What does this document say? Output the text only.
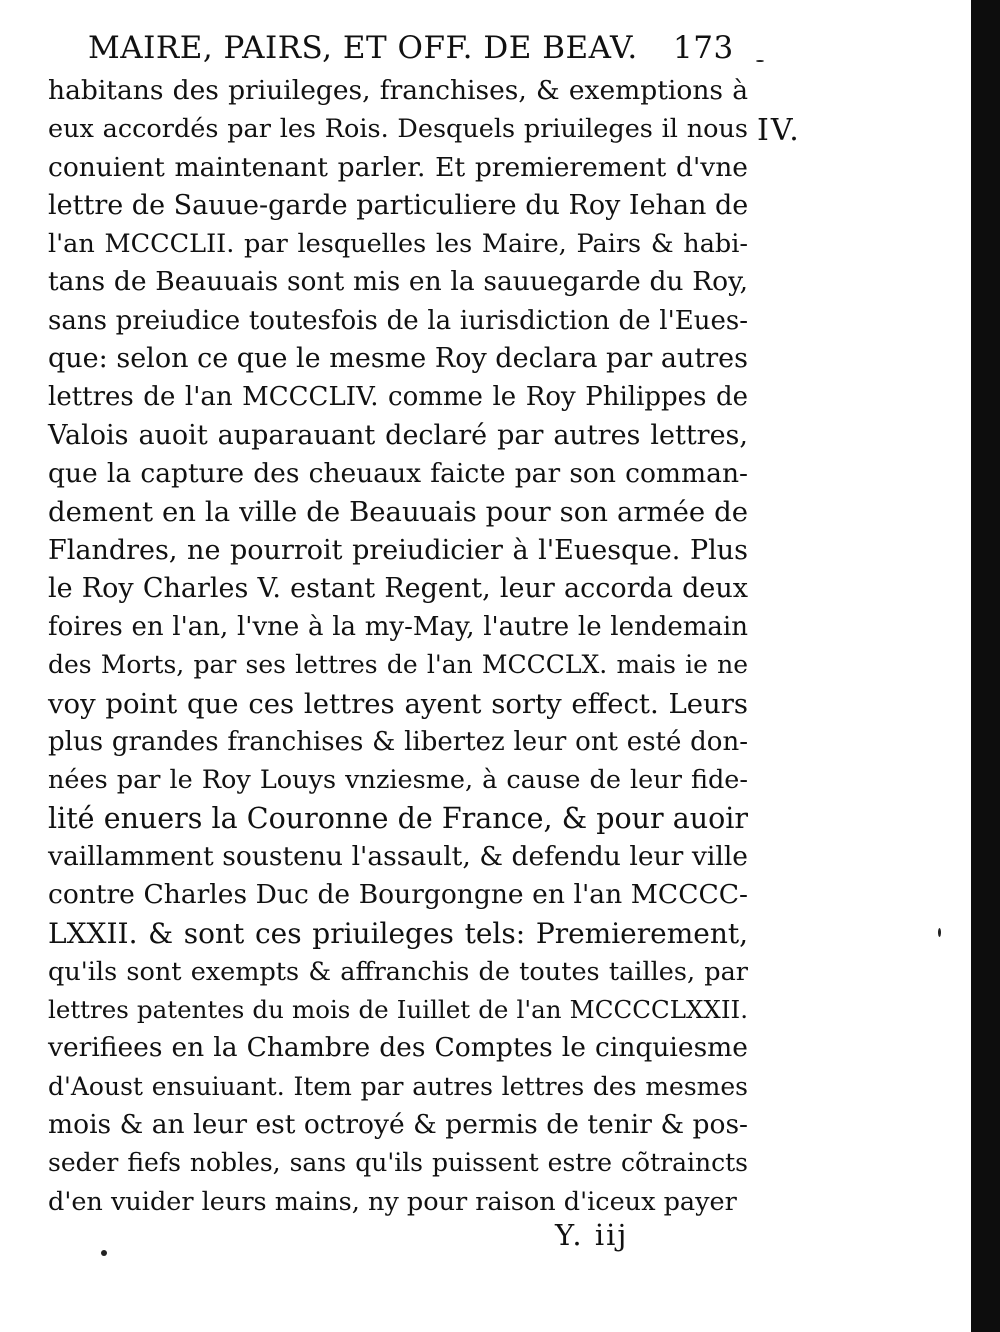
MAIRE, PAIRS, ET OFF. DE BEAV. 173
IV.
habitans des priuileges, franchises, & exemptions à
eux accordés par les Rois. Desquels priuileges il nous
conuient maintenant parler. Et premierement d'vne
lettre de Sauue-garde particuliere du Roy Iehan de
l'an MCCCLII. par lesquelles les Maire, Pairs & habi-
tans de Beauuais sont mis en la sauuegarde du Roy,
sans preiudice toutesfois de la iurisdiction de l'Eues-
que: selon ce que le mesme Roy declara par autres
lettres de l'an MCCCLIV. comme le Roy Philippes de
Valois auoit auparauant declaré par autres lettres,
que la capture des cheuaux faicte par son comman-
dement en la ville de Beauuais pour son armée de
Flandres, ne pourroit preiudicier à l'Euesque. Plus
le Roy Charles V. estant Regent, leur accorda deux
foires en l'an, l'vne à la my-May, l'autre le lendemain
des Morts, par ses lettres de l'an MCCCLX. mais ie ne
voy point que ces lettres ayent sorty effect. Leurs
plus grandes franchises & libertez leur ont esté don-
nées par le Roy Louys vnziesme, à cause de leur fide-
lité enuers la Couronne de France, & pour auoir
vaillamment soustenu l'assault, & defendu leur ville
contre Charles Duc de Bourgongne en l'an MCCCC-
LXXII. & sont ces priuileges tels: Premierement,
qu'ils sont exempts & affranchis de toutes tailles, par
lettres patentes du mois de Iuillet de l'an MCCCCLXXII.
verifiees en la Chambre des Comptes le cinquiesme
d'Aoust ensuiuant. Item par autres lettres des mesmes
mois & an leur est octroyé & permis de tenir & pos-
seder fiefs nobles, sans qu'ils puissent estre cõtraincts
d'en vuider leurs mains, ny pour raison d'iceux payer
Y. iij
